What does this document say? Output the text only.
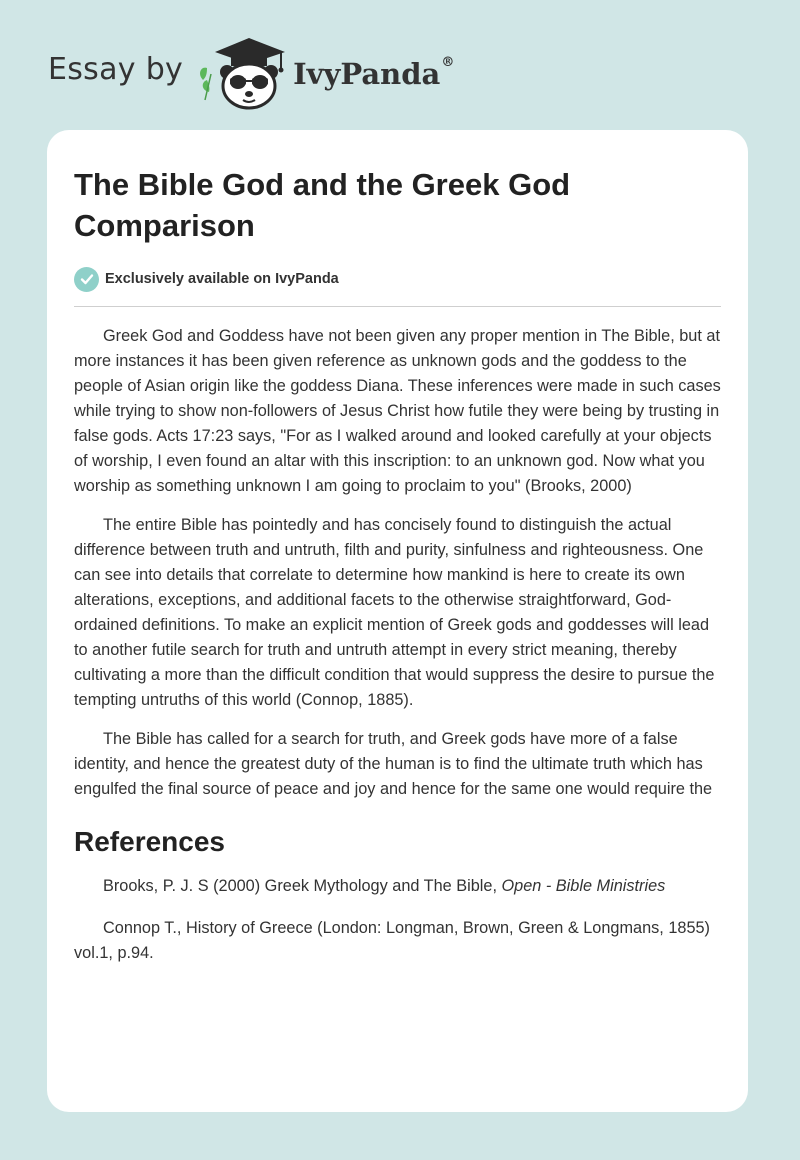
Essay by	IvyPanda®
The Bible God and the Greek God Comparison
Exclusively available on IvyPanda

Greek God and Goddess have not been given any proper mention in The Bible, but at more instances it has been given reference as unknown gods and the goddess to the people of Asian origin like the goddess Diana. These inferences were made in such cases while trying to show non-followers of Jesus Christ how futile they were being by trusting in false gods. Acts 17:23 says, "For as I walked around and looked carefully at your objects of worship, I even found an altar with this inscription: to an unknown god. Now what you worship as something unknown I am going to proclaim to you" (Brooks, 2000)

The entire Bible has pointedly and has concisely found to distinguish the actual difference between truth and untruth, filth and purity, sinfulness and righteousness. One can see into details that correlate to determine how mankind is here to create its own alterations, exceptions, and additional facets to the otherwise straightforward, God-ordained definitions. To make an explicit mention of Greek gods and goddesses will lead to another futile search for truth and untruth attempt in every strict meaning, thereby cultivating a more than the difficult condition that would suppress the desire to pursue the tempting untruths of this world (Connop, 1885).

The Bible has called for a search for truth, and Greek gods have more of a false identity, and hence the greatest duty of the human is to find the ultimate truth which has engulfed the final source of peace and joy and hence for the same one would require the

References

Brooks, P. J. S (2000) Greek Mythology and The Bible, Open - Bible Ministries

Connop T., History of Greece (London: Longman, Brown, Green & Longmans, 1855) vol.1, p.94.
